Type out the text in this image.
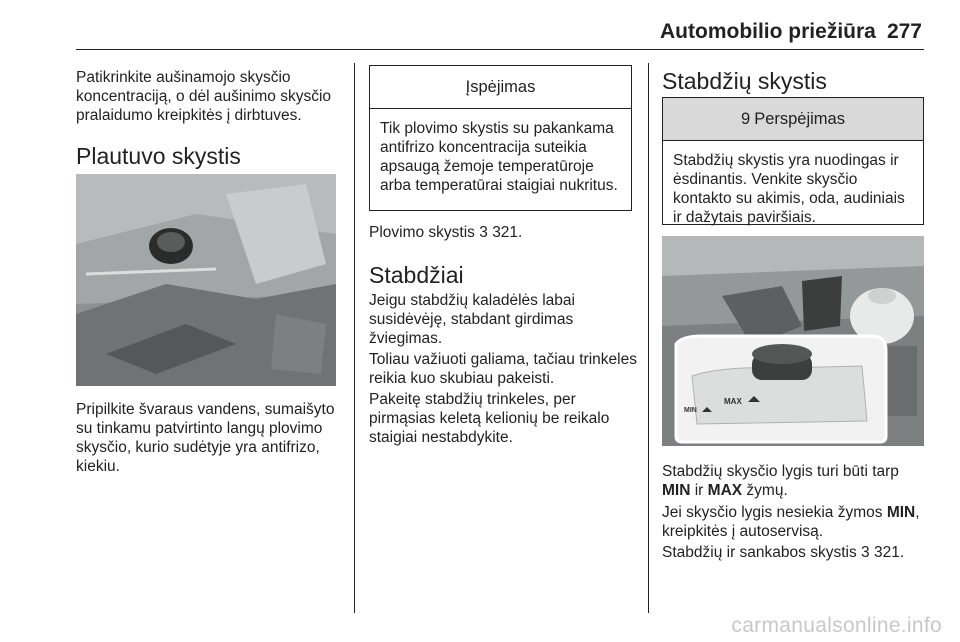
Automobilio priežiūra 277
Patikrinkite aušinamojo skysčio koncentraciją, o dėl aušinimo skysčio pralaidumo kreipkitės į dirbtuves.
Plautuvo skystis
Pripilkite švaraus vandens, sumaišyto su tinkamu patvirtinto langų plovimo skysčio, kurio sudėtyje yra antifrizo, kiekiu.
Įspėjimas
Tik plovimo skystis su pakankama antifrizo koncentracija suteikia apsaugą žemoje temperatūroje arba temperatūrai staigiai nukritus.
Plovimo skystis 3 321.
Stabdžiai
Jeigu stabdžių kaladėlės labai susidėvėję, stabdant girdimas žviegimas.
Toliau važiuoti galiama, tačiau trinkeles reikia kuo skubiau pakeisti.
Pakeitę stabdžių trinkeles, per pirmąsias keletą kelionių be reikalo staigiai nestabdykite.
Stabdžių skystis
9 Perspėjimas
Stabdžių skystis yra nuodingas ir ėsdinantis. Venkite skysčio kontakto su akimis, oda, audiniais ir dažytais paviršiais.
MAX
MIN
Stabdžių skysčio lygis turi būti tarp
MIN ir MAX žymų.
Jei skysčio lygis nesiekia žymos MIN,
kreipkitės į autoservisą.
Stabdžių ir sankabos skystis 3 321.
carmanualsonline.info
